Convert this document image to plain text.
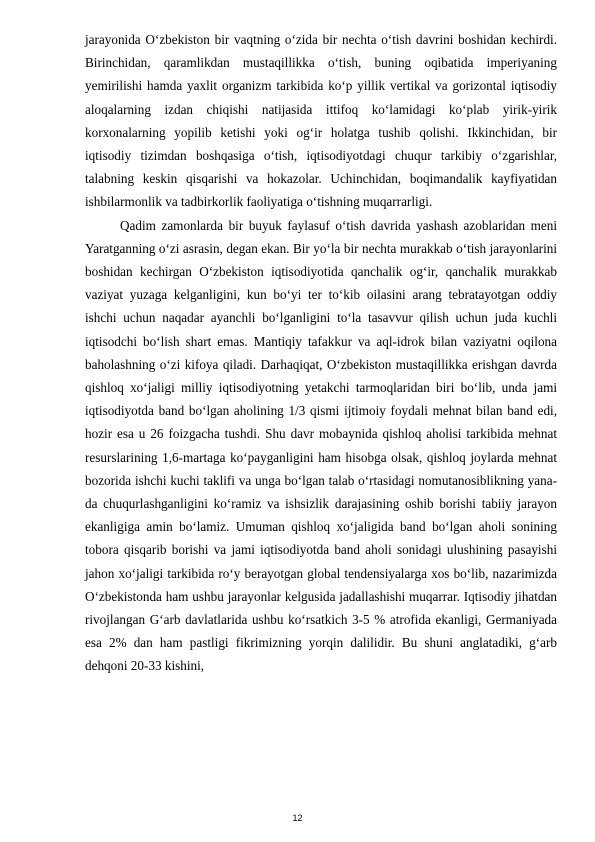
jarayonida O‘zbekiston bir vaqtning o‘zida bir nechta o‘tish davrini boshidan kechirdi. Birinchidan, qaramlikdan mustaqillikka o‘tish, buning oqibatida imperiyaning yemirilishi hamda yaxlit organizm tarkibida ko‘p yillik vertikal va gorizontal iqtisodiy aloqalarning izdan chiqishi natijasida ittifoq ko‘lamidagi ko‘plab yirik-yirik korxonalarning yopilib ketishi yoki og‘ir holatga tushib qolishi. Ikkinchidan, bir iqtisodiy tizimdan boshqasiga o‘tish, iqtisodiyotdagi chuqur tarkibiy o‘zgarishlar, talabning keskin qisqarishi va hokazolar. Uchinchidan, boqimandalik kayfiyatidan ishbilarmonlik va tadbirkorlik faoliyatiga o‘tishning muqarrarligi.

Qadim zamonlarda bir buyuk faylasuf o‘tish davrida yashash azoblaridan meni Yaratganning o‘zi asrasin, degan ekan. Bir yo‘la bir nechta murakkab o‘tish jarayonlarini boshidan kechirgan O‘zbekiston iqtisodiyotida qanchalik og‘ir, qanchalik murakkab vaziyat yuzaga kelganligini, kun bo‘yi ter to‘kib oilasini arang tebratayotgan oddiy ishchi uchun naqadar ayanchli bo‘lganligini to‘la tasavvur qilish uchun juda kuchli iqtisodchi bo‘lish shart emas. Mantiqiy tafakkur va aql-idrok bilan vaziyatni oqilona baholashning o‘zi kifoya qiladi. Darhaqiqat, O‘zbekiston mustaqillikka erishgan davrda qishloq xo‘jaligi milliy iqtisodiyotning yetakchi tarmoqlaridan biri bo‘lib, unda jami iqtisodiyotda band bo‘lgan aholining 1/3 qismi ijtimoiy foydali mehnat bilan band edi, hozir esa u 26 foizgacha tushdi. Shu davr mobaynida qishloq aholisi tarkibida mehnat resurslarining 1,6-martaga ko‘payganligini ham hisobga olsak, qishloq joylarda mehnat bozorida ishchi kuchi taklifi va unga bo‘lgan talab o‘rtasidagi nomutanosiblikning yana-da chuqurlashganligini ko‘ramiz va ishsizlik darajasining oshib borishi tabiiy jarayon ekanligiga amin bo‘lamiz. Umuman qishloq xo‘jaligida band bo‘lgan aholi sonining tobora qisqarib borishi va jami iqtisodiyotda band aholi sonidagi ulushining pasayishi jahon xo‘jaligi tarkibida ro‘y berayotgan global tendensiyalarga xos bo‘lib, nazarimizda O‘zbekistonda ham ushbu jarayonlar kelgusida jadallashishi muqarrar. Iqtisodiy jihatdan rivojlangan G‘arb davlatlarida ushbu ko‘rsatkich 3-5 % atrofida ekanligi, Germaniyada esa 2% dan ham pastligi fikrimizning yorqin dalilidir. Bu shuni anglatadiki, g‘arb dehqoni 20-33 kishini,

12
